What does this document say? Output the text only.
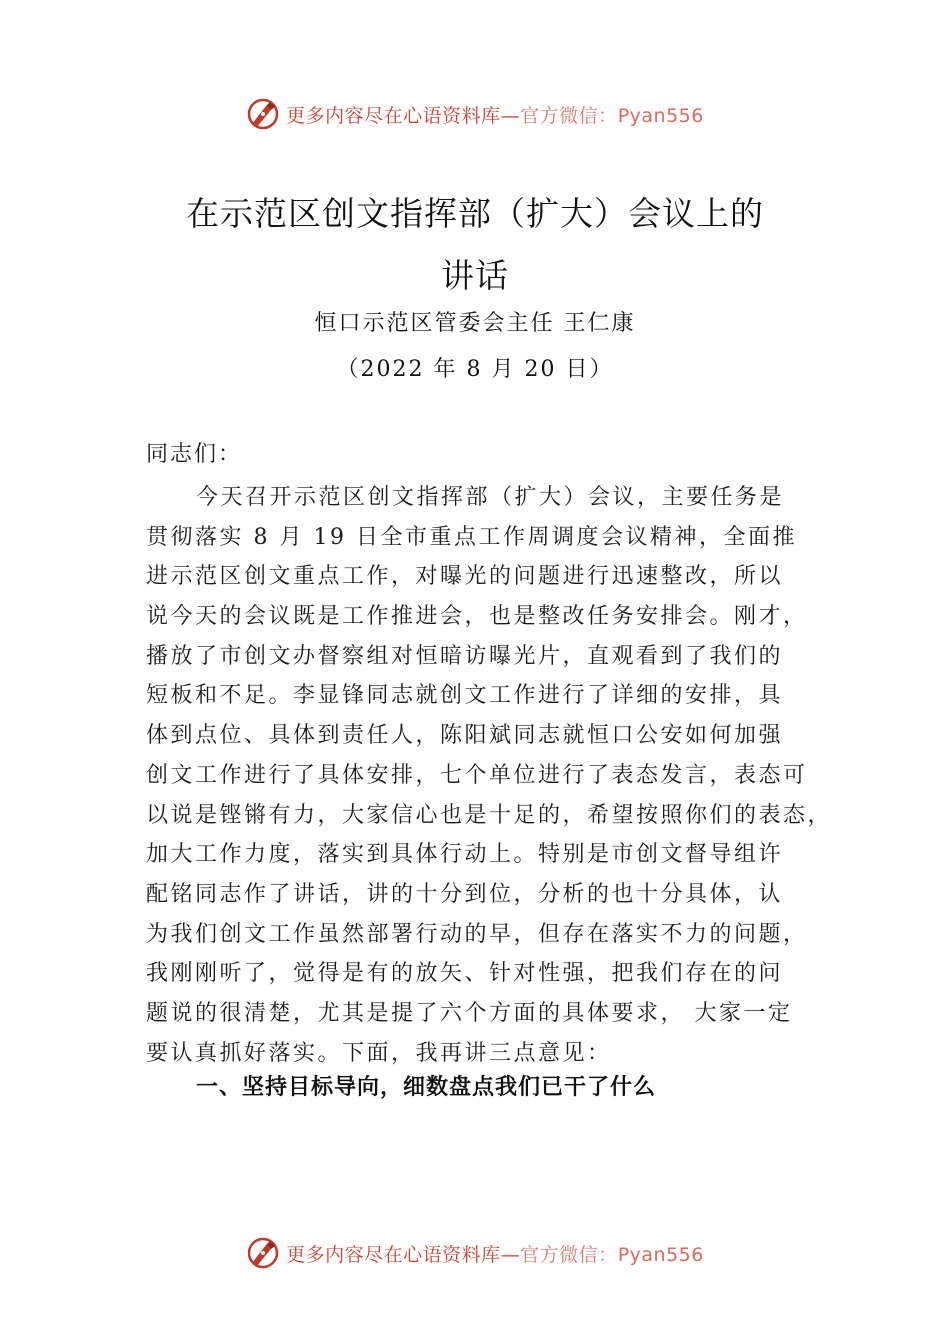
更多内容尽在心语资料库—官方微信：Pyan556
在示范区创文指挥部（扩大）会议上的
讲话
恒口示范区管委会主任 王仁康
（2022 年 8 月 20 日）
同志们：
今天召开示范区创文指挥部（扩大）会议，主要任务是
贯彻落实 8 月 19 日全市重点工作周调度会议精神，全面推
进示范区创文重点工作，对曝光的问题进行迅速整改，所以
说今天的会议既是工作推进会，也是整改任务安排会。刚才，
播放了市创文办督察组对恒暗访曝光片，直观看到了我们的
短板和不足。李显锋同志就创文工作进行了详细的安排，具
体到点位、具体到责任人，陈阳斌同志就恒口公安如何加强
创文工作进行了具体安排，七个单位进行了表态发言，表态可
以说是铿锵有力，大家信心也是十足的，希望按照你们的表态，
加大工作力度，落实到具体行动上。特别是市创文督导组许
配铭同志作了讲话，讲的十分到位，分析的也十分具体，认
为我们创文工作虽然部署行动的早，但存在落实不力的问题，
我刚刚听了，觉得是有的放矢、针对性强，把我们存在的问
题说的很清楚，尤其是提了六个方面的具体要求， 大家一定
要认真抓好落实。下面，我再讲三点意见：
一、坚持目标导向，细数盘点我们已干了什么
更多内容尽在心语资料库—官方微信：Pyan556
